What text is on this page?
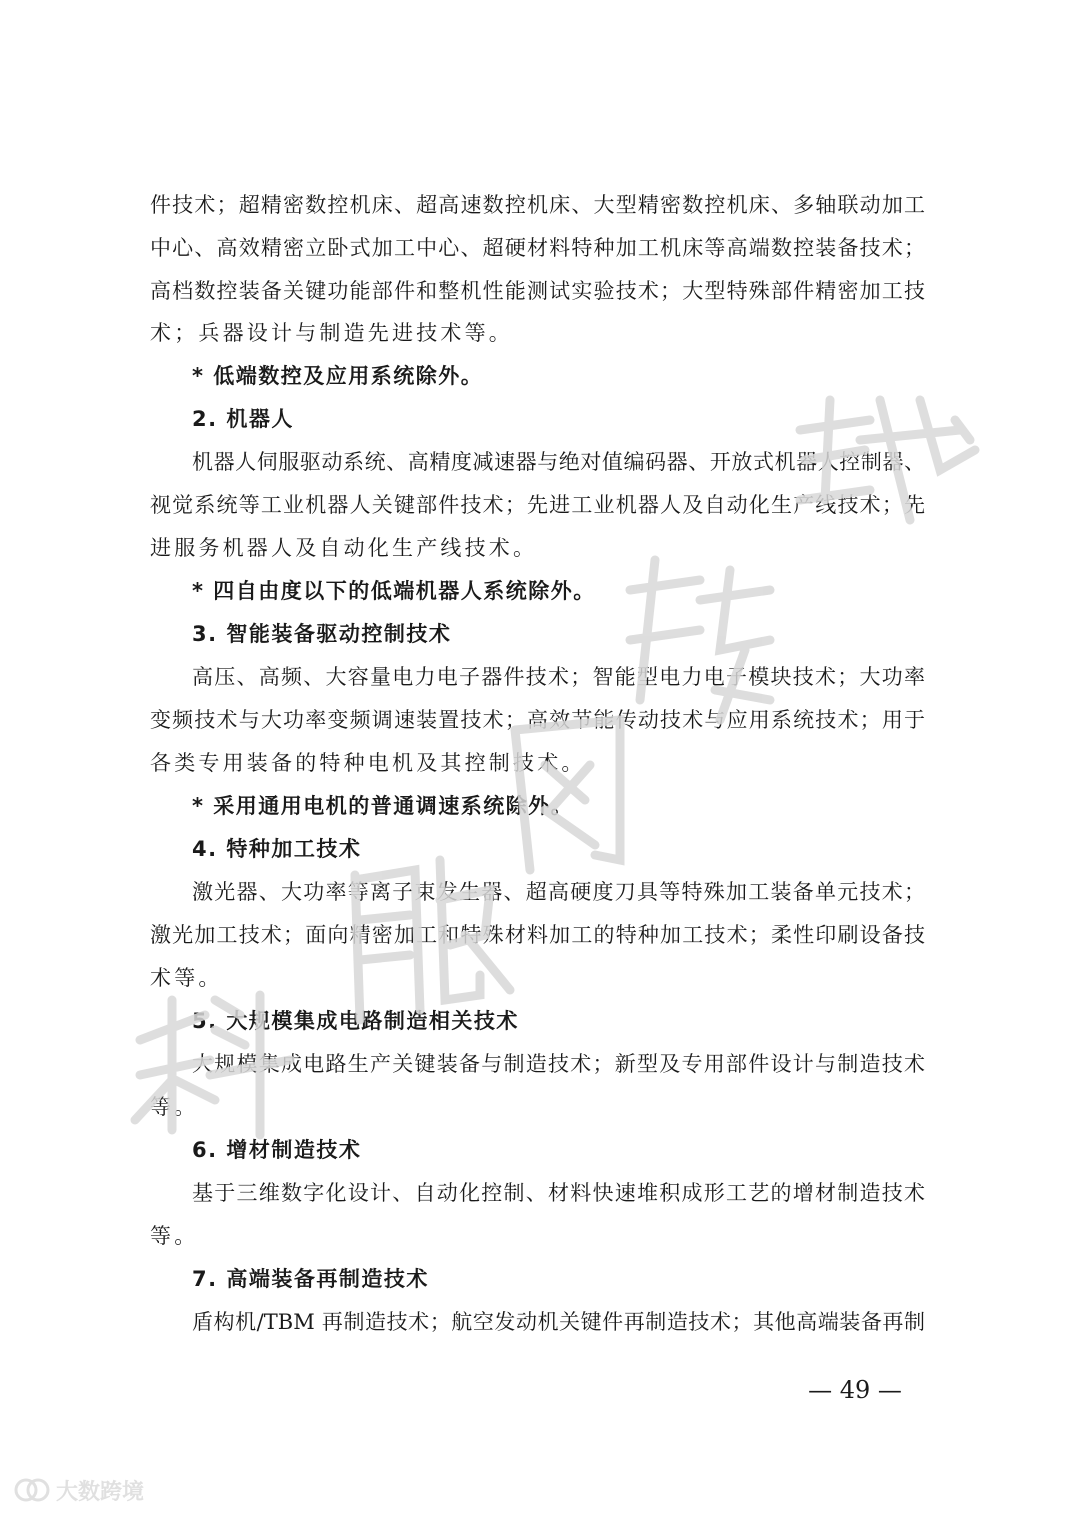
件技术；超精密数控机床、超高速数控机床、大型精密数控机床、多轴联动加工
中心、高效精密立卧式加工中心、超硬材料特种加工机床等高端数控装备技术；
高档数控装备关键功能部件和整机性能测试实验技术；大型特殊部件精密加工技
术；兵器设计与制造先进技术等。
* 低端数控及应用系统除外。
2. 机器人
机器人伺服驱动系统、高精度减速器与绝对值编码器、开放式机器人控制器、
视觉系统等工业机器人关键部件技术；先进工业机器人及自动化生产线技术；先
进服务机器人及自动化生产线技术。
* 四自由度以下的低端机器人系统除外。
3. 智能装备驱动控制技术
高压、高频、大容量电力电子器件技术；智能型电力电子模块技术；大功率
变频技术与大功率变频调速装置技术；高效节能传动技术与应用系统技术；用于
各类专用装备的特种电机及其控制技术。
* 采用通用电机的普通调速系统除外。
4. 特种加工技术
激光器、大功率等离子束发生器、超高硬度刀具等特殊加工装备单元技术；
激光加工技术；面向精密加工和特殊材料加工的特种加工技术；柔性印刷设备技
术等。
5. 大规模集成电路制造相关技术
大规模集成电路生产关键装备与制造技术；新型及专用部件设计与制造技术
等。
6. 增材制造技术
基于三维数字化设计、自动化控制、材料快速堆积成形工艺的增材制造技术
等。
7. 高端装备再制造技术
盾构机/TBM 再制造技术；航空发动机关键件再制造技术；其他高端装备再制
— 49 —
大数跨境
